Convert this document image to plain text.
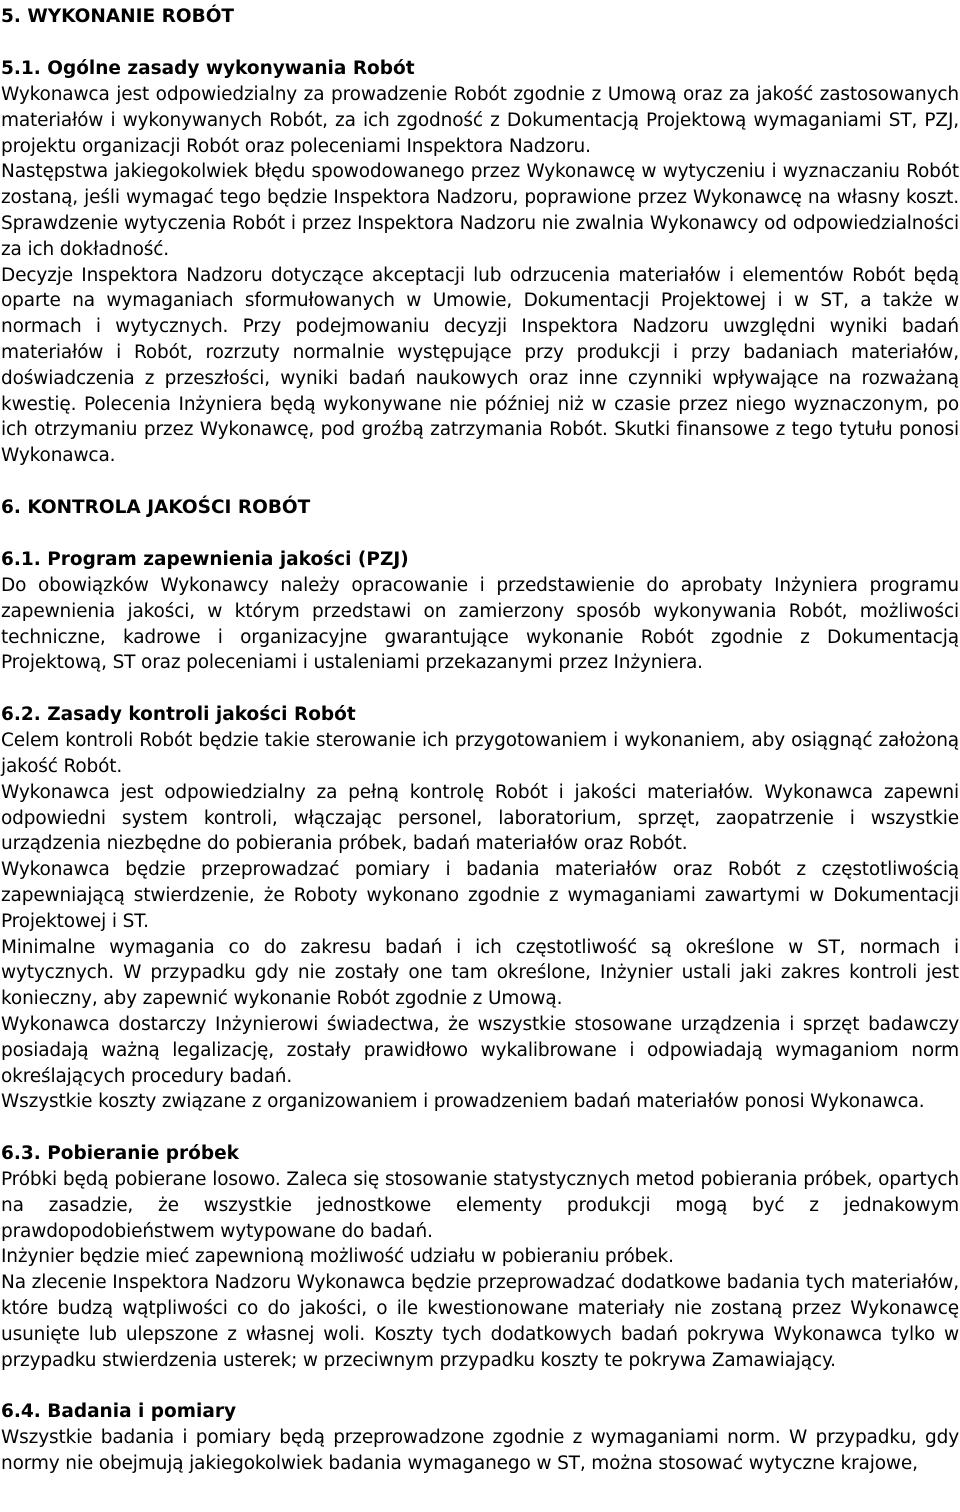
5. WYKONANIE ROBÓT
5.1. Ogólne zasady wykonywania Robót

Wykonawca jest odpowiedzialny za prowadzenie Robót zgodnie z Umową oraz za jakość zastosowanych materiałów i wykonywanych Robót, za ich zgodność z Dokumentacją Projektową wymaganiami ST, PZJ, projektu organizacji Robót oraz poleceniami Inspektora Nadzoru.

Następstwa jakiegokolwiek błędu spowodowanego przez Wykonawcę w wytyczeniu i wyznaczaniu Robót zostaną, jeśli wymagać tego będzie Inspektora Nadzoru, poprawione przez Wykonawcę na własny koszt. Sprawdzenie wytyczenia Robót i przez Inspektora Nadzoru nie zwalnia Wykonawcy od odpowiedzialności za ich dokładność.

Decyzje Inspektora Nadzoru dotyczące akceptacji lub odrzucenia materiałów i elementów Robót będą oparte na wymaganiach sformułowanych w Umowie, Dokumentacji Projektowej i w ST, a także w normach i wytycznych. Przy podejmowaniu decyzji Inspektora Nadzoru uwzględni wyniki badań materiałów i Robót, rozrzuty normalnie występujące przy produkcji i przy badaniach materiałów, doświadczenia z przeszłości, wyniki badań naukowych oraz inne czynniki wpływające na rozważaną kwestię. Polecenia Inżyniera będą wykonywane nie później niż w czasie przez niego wyznaczonym, po ich otrzymaniu przez Wykonawcę, pod groźbą zatrzymania Robót. Skutki finansowe z tego tytułu ponosi Wykonawca.

6. KONTROLA JAKOŚCI ROBÓT
6.1. Program zapewnienia jakości (PZJ)

Do obowiązków Wykonawcy należy opracowanie i przedstawienie do aprobaty Inżyniera programu zapewnienia jakości, w którym przedstawi on zamierzony sposób wykonywania Robót, możliwości techniczne, kadrowe i organizacyjne gwarantujące wykonanie Robót zgodnie z Dokumentacją Projektową, ST oraz poleceniami i ustaleniami przekazanymi przez Inżyniera.

6.2. Zasady kontroli jakości Robót

Celem kontroli Robót będzie takie sterowanie ich przygotowaniem i wykonaniem, aby osiągnąć założoną jakość Robót.

Wykonawca jest odpowiedzialny za pełną kontrolę Robót i jakości materiałów. Wykonawca zapewni odpowiedni system kontroli, włączając personel, laboratorium, sprzęt, zaopatrzenie i wszystkie urządzenia niezbędne do pobierania próbek, badań materiałów oraz Robót.

Wykonawca będzie przeprowadzać pomiary i badania materiałów oraz Robót z częstotliwością zapewniającą stwierdzenie, że Roboty wykonano zgodnie z wymaganiami zawartymi w Dokumentacji Projektowej i ST.

Minimalne wymagania co do zakresu badań i ich częstotliwość są określone w ST, normach i wytycznych. W przypadku gdy nie zostały one tam określone, Inżynier ustali jaki zakres kontroli jest konieczny, aby zapewnić wykonanie Robót zgodnie z Umową.

Wykonawca dostarczy Inżynierowi świadectwa, że wszystkie stosowane urządzenia i sprzęt badawczy posiadają ważną legalizację, zostały prawidłowo wykalibrowane i odpowiadają wymaganiom norm określających procedury badań.

Wszystkie koszty związane z organizowaniem i prowadzeniem badań materiałów ponosi Wykonawca.

6.3. Pobieranie próbek

Próbki będą pobierane losowo. Zaleca się stosowanie statystycznych metod pobierania próbek, opartych na zasadzie, że wszystkie jednostkowe elementy produkcji mogą być z jednakowym prawdopodobieństwem wytypowane do badań.

Inżynier będzie mieć zapewnioną możliwość udziału w pobieraniu próbek.

Na zlecenie Inspektora Nadzoru Wykonawca będzie przeprowadzać dodatkowe badania tych materiałów, które budzą wątpliwości co do jakości, o ile kwestionowane materiały nie zostaną przez Wykonawcę usunięte lub ulepszone z własnej woli. Koszty tych dodatkowych badań pokrywa Wykonawca tylko w przypadku stwierdzenia usterek; w przeciwnym przypadku koszty te pokrywa Zamawiający.

6.4. Badania i pomiary

Wszystkie badania i pomiary będą przeprowadzone zgodnie z wymaganiami norm. W przypadku, gdy normy nie obejmują jakiegokolwiek badania wymaganego w ST, można stosować wytyczne krajowe,
